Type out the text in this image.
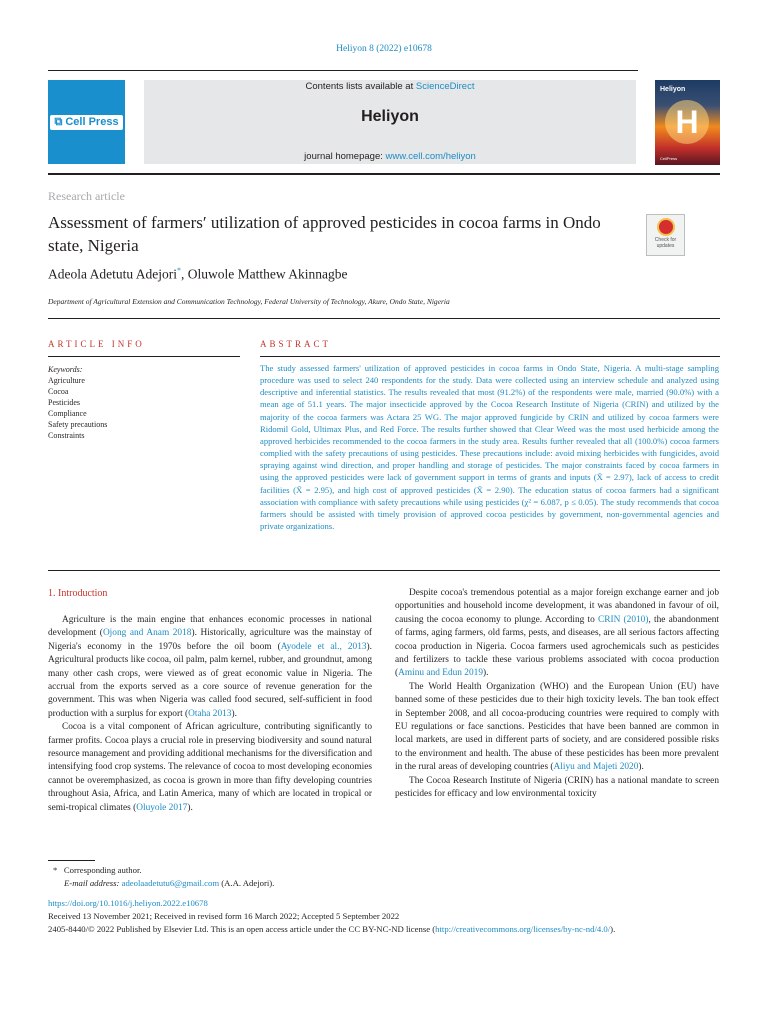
Heliyon 8 (2022) e10678
⧉ Cell Press
Contents lists available at ScienceDirect
Heliyon
journal homepage: www.cell.com/heliyon
Heliyon
H
CellPress
Research article
Assessment of farmers′ utilization of approved pesticides in cocoa farms in Ondo state, Nigeria	Check for updates
Adeola Adetutu Adejori*, Oluwole Matthew Akinnagbe
Department of Agricultural Extension and Communication Technology, Federal University of Technology, Akure, Ondo State, Nigeria
ARTICLE INFO	ABSTRACT
Keywords:
Agriculture
Cocoa
Pesticides
Compliance
Safety precautions
Constraints
The study assessed farmers' utilization of approved pesticides in cocoa farms in Ondo State, Nigeria. A multi-stage sampling procedure was used to select 240 respondents for the study. Data were collected using an interview schedule and analyzed using descriptive and inferential statistics. The results revealed that most (91.2%) of the respondents were male, married (90.0%) with a mean age of 51.1 years. The major insecticide approved by the Cocoa Research Institute of Nigeria (CRIN) and utilized by the majority of the cocoa farmers was Actara 25 WG. The major approved fungicide by CRIN and utilized by cocoa farmers were Ridomil Gold, Ultimax Plus, and Red Force. The results further showed that Clear Weed was the most used herbicide among the approved herbicides recommended to the cocoa farmers in the study area. Results further revealed that all (100.0%) cocoa farmers complied with the safety precautions of using pesticides. These precautions include: avoid mixing herbicides with fungicides, avoid spraying against wind direction, and proper handling and storage of pesticides. The major constraints faced by cocoa farmers in using the approved pesticides were lack of government support in terms of grants and inputs (X̄ = 2.97), lack of access to credit facilities (X̄ = 2.95), and high cost of approved pesticides (X̄ = 2.90). The education status of cocoa farmers had a significant association with compliance with safety precautions while using pesticides (χ² = 6.087, p ≤ 0.05). The study recommends that cocoa farmers should be assisted with timely provision of approved cocoa pesticides by government, non-governmental agencies and private organizations.
1. Introduction

Agriculture is the main engine that enhances economic processes in national development (Ojong and Anam 2018). Historically, agriculture was the mainstay of Nigeria's economy in the 1970s before the oil boom (Ayodele et al., 2013). Agricultural products like cocoa, oil palm, palm kernel, rubber, and groundnut, among many other cash crops, were viewed as of great economic value in Nigeria. The accrual from the exports served as a core source of revenue generation for the government. This was when Nigeria was called food secured, self-sufficient in food production with a surplus for export (Otaha 2013).

Cocoa is a vital component of African agriculture, contributing significantly to farmer profits. Cocoa plays a crucial role in preserving biodiversity and sound natural resource management and providing additional mechanisms for the diversification and intensifying food crop systems. The relevance of cocoa to most developing economies cannot be overemphasized, as cocoa is grown in more than fifty developing countries throughout Asia, Africa, and Latin America, many of which are located in tropical or semi-tropical climates (Oluyole 2017).

Despite cocoa's tremendous potential as a major foreign exchange earner and job opportunities and household income development, it was abandoned in favour of oil, causing the cocoa economy to plunge. According to CRIN (2010), the abandonment of farms, aging farmers, old farms, pests, and diseases, are all serious factors affecting cocoa production in Nigeria. Cocoa farmers used agrochemicals such as pesticides and fertilizers to tackle these various problems associated with cocoa production (Aminu and Edun 2019).

The World Health Organization (WHO) and the European Union (EU) have banned some of these pesticides due to their high toxicity levels. The ban took effect in September 2008, and all cocoa-producing countries were required to comply with EU regulations or face sanctions. Pesticides that have been banned are common in local markets, are used in different parts of society, and are considered possible risks to the environment and health. The abuse of these pesticides has been more prevalent in the rural areas of developing countries (Aliyu and Majeti 2020).

The Cocoa Research Institute of Nigeria (CRIN) has a national mandate to screen pesticides for efficacy and low environmental toxicity

* Corresponding author.
E-mail address: adeolaadetutu6@gmail.com (A.A. Adejori).
https://doi.org/10.1016/j.heliyon.2022.e10678
Received 13 November 2021; Received in revised form 16 March 2022; Accepted 5 September 2022
2405-8440/© 2022 Published by Elsevier Ltd. This is an open access article under the CC BY-NC-ND license (http://creativecommons.org/licenses/by-nc-nd/4.0/).
